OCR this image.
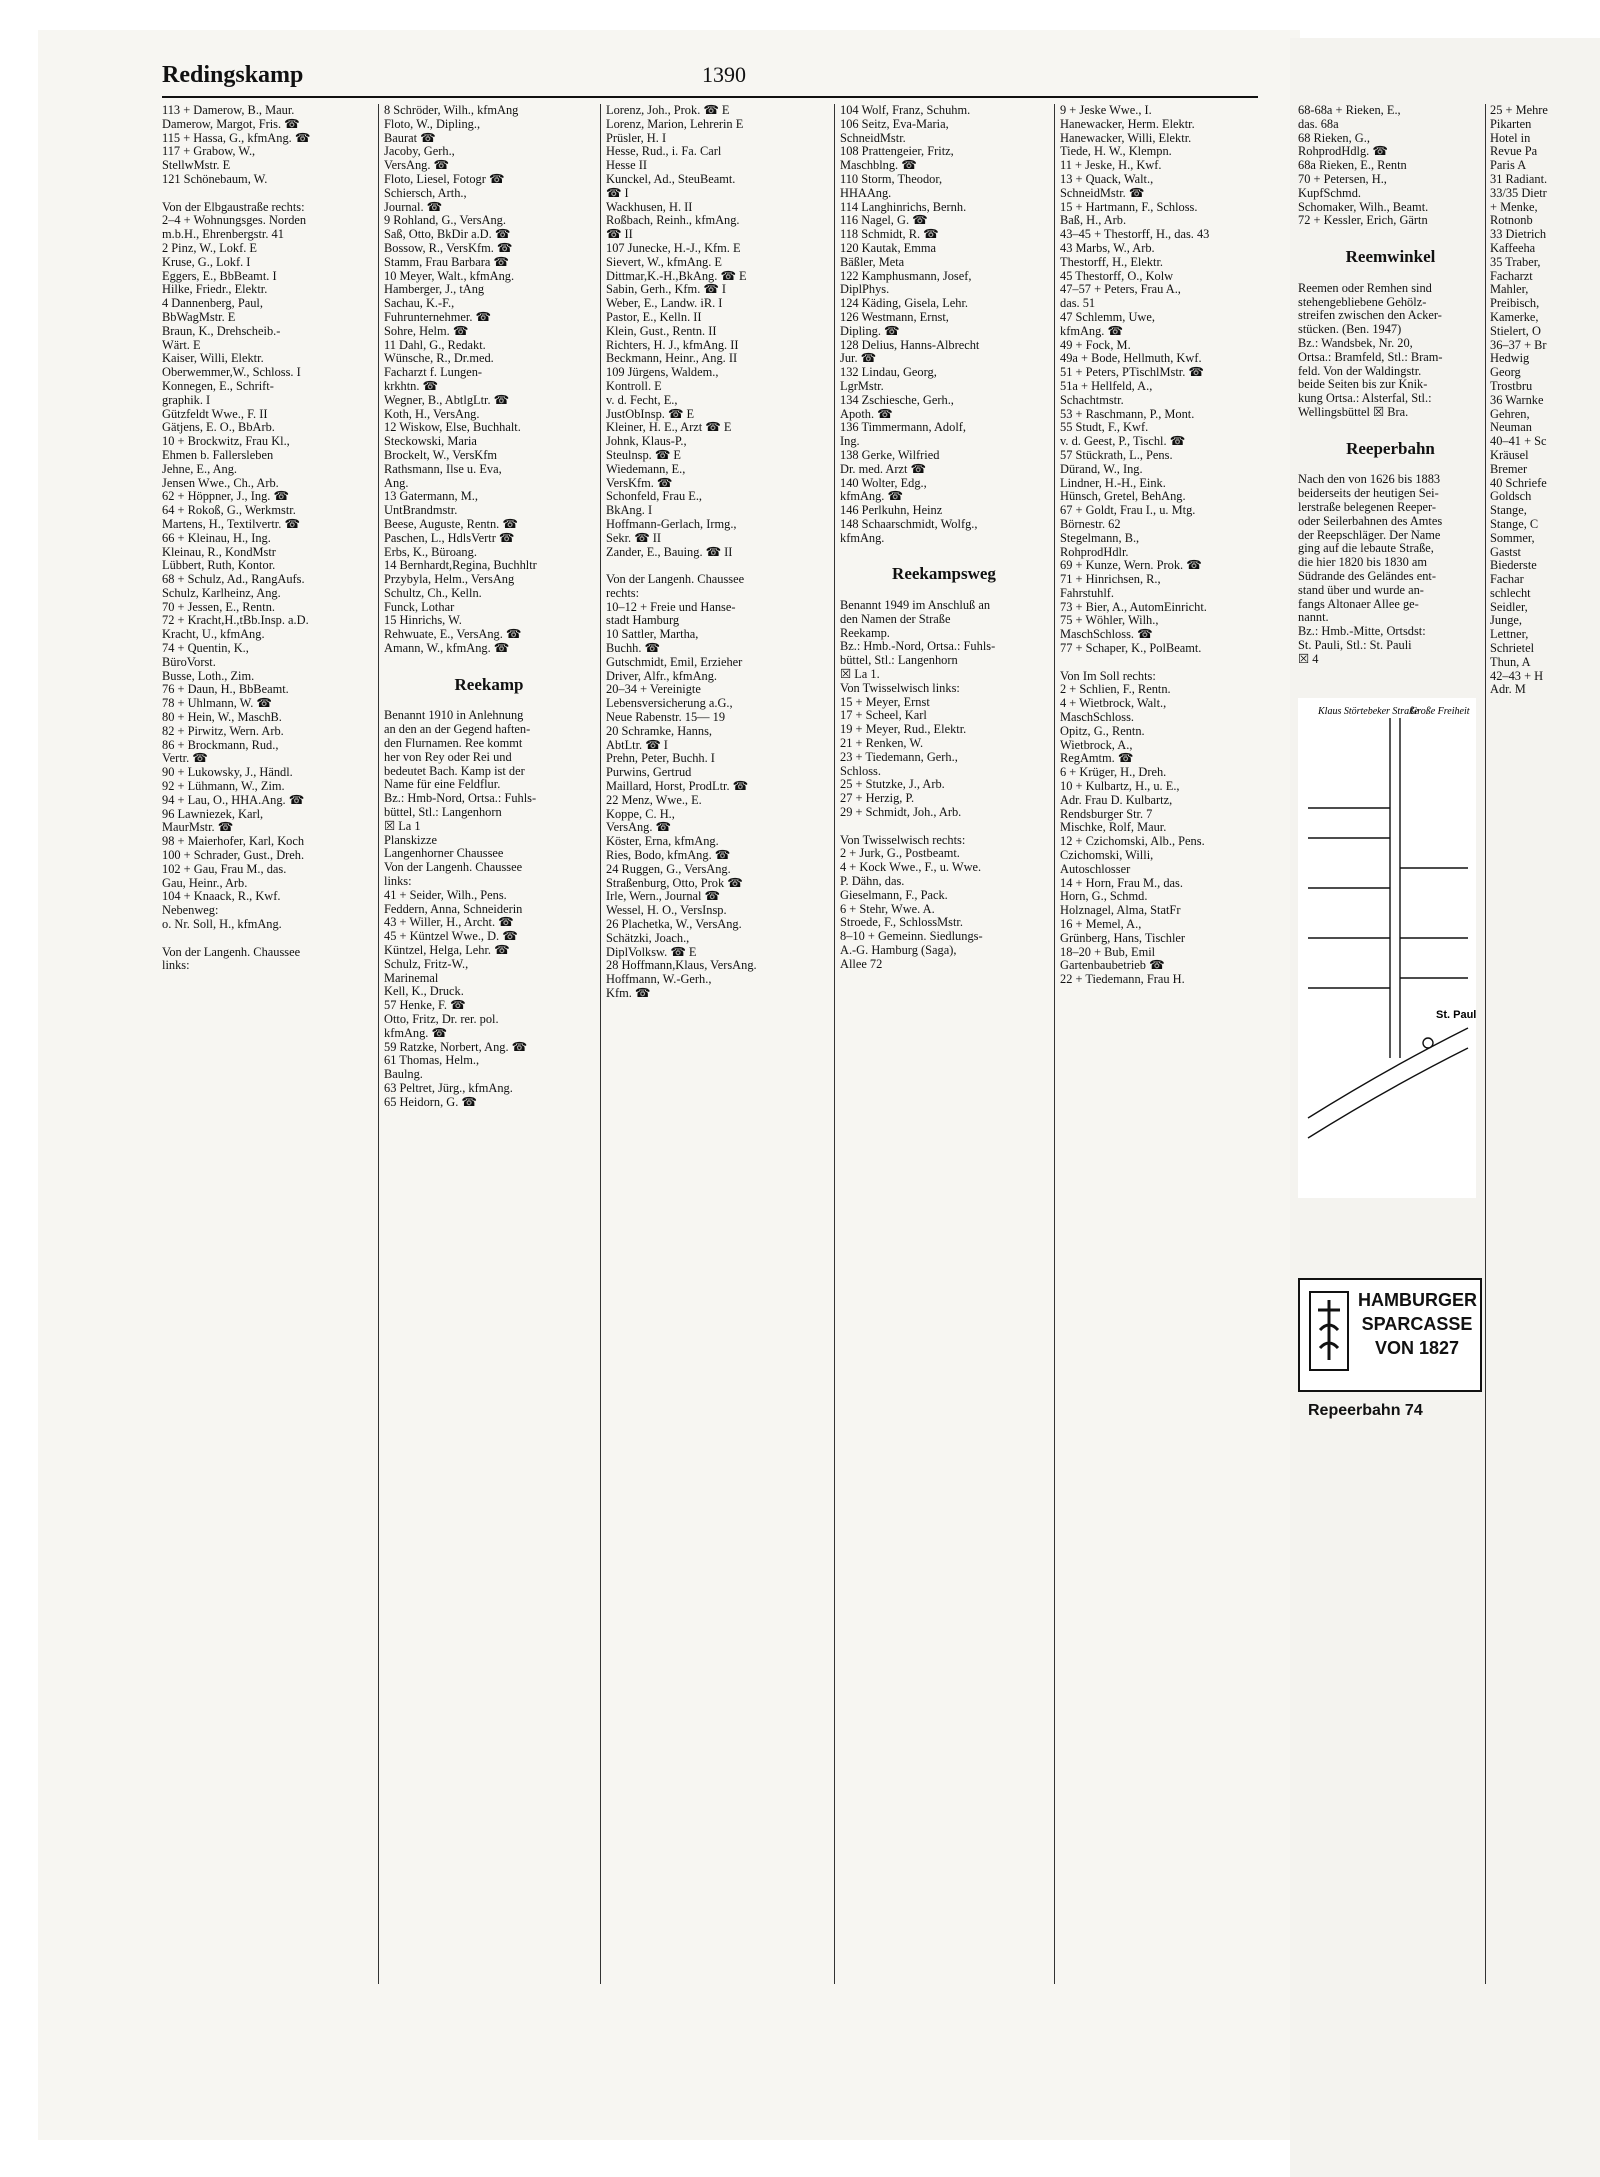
Redingskamp	1390
113 + Damerow, B., Maur.
Damerow, Margot, Fris. ☎
115 + Hassa, G., kfmAng. ☎
117 + Grabow, W.,
StellwMstr. E
121 Schönebaum, W.
Von der Elbgaustraße rechts:
2–4 + Wohnungsges. Norden
m.b.H., Ehrenbergstr. 41
2 Pinz, W., Lokf. E
Kruse, G., Lokf. I
Eggers, E., BbBeamt. I
Hilke, Friedr., Elektr.
4 Dannenberg, Paul,
BbWagMstr. E
Braun, K., Drehscheib.-
Wärt. E
Kaiser, Willi, Elektr.
Oberwemmer,W., Schloss. I
Konnegen, E., Schrift-
graphik. I
Gützfeldt Wwe., F. II
Gätjens, E. O., BbArb.
10 + Brockwitz, Frau Kl.,
Ehmen b. Fallersleben
Jehne, E., Ang.
Jensen Wwe., Ch., Arb.
62 + Höppner, J., Ing. ☎
64 + Rokoß, G., Werkmstr.
Martens, H., Textilvertr. ☎
66 + Kleinau, H., Ing.
Kleinau, R., KondMstr
Lübbert, Ruth, Kontor.
68 + Schulz, Ad., RangAufs.
Schulz, Karlheinz, Ang.
70 + Jessen, E., Rentn.
72 + Kracht,H.,tBb.Insp. a.D.
Kracht, U., kfmAng.
74 + Quentin, K.,
BüroVorst.
Busse, Loth., Zim.
76 + Daun, H., BbBeamt.
78 + Uhlmann, W. ☎
80 + Hein, W., MaschB.
82 + Pirwitz, Wern. Arb.
86 + Brockmann, Rud.,
Vertr. ☎
90 + Lukowsky, J., Händl.
92 + Lühmann, W., Zim.
94 + Lau, O., HHA.Ang. ☎
96 Lawniezek, Karl,
MaurMstr. ☎
98 + Maierhofer, Karl, Koch
100 + Schrader, Gust., Dreh.
102 + Gau, Frau M., das.
Gau, Heinr., Arb.
104 + Knaack, R., Kwf.
Nebenweg:
o. Nr. Soll, H., kfmAng.
Von der Langenh. Chaussee
links:
8 Schröder, Wilh., kfmAng
Floto, W., Dipling.,
Baurat ☎
Jacoby, Gerh.,
VersAng. ☎
Floto, Liesel, Fotogr ☎
Schiersch, Arth.,
Journal. ☎
9 Rohland, G., VersAng.
Saß, Otto, BkDir a.D. ☎
Bossow, R., VersKfm. ☎
Stamm, Frau Barbara ☎
10 Meyer, Walt., kfmAng.
Hamberger, J., tAng
Sachau, K.-F.,
Fuhrunternehmer. ☎
Sohre, Helm. ☎
11 Dahl, G., Redakt.
Wünsche, R., Dr.med.
Facharzt f. Lungen-
krkhtn. ☎
Wegner, B., AbtlgLtr. ☎
Koth, H., VersAng.
12 Wiskow, Else, Buchhalt.
Steckowski, Maria
Brockelt, W., VersKfm
Rathsmann, Ilse u. Eva,
Ang.
13 Gatermann, M.,
UntBrandmstr.
Beese, Auguste, Rentn. ☎
Paschen, L., HdlsVertr ☎
Erbs, K., Büroang.
14 Bernhardt,Regina, Buchhltr
Przybyla, Helm., VersAng
Schultz, Ch., Kelln.
Funck, Lothar
15 Hinrichs, W.
Rehwuate, E., VersAng. ☎
Amann, W., kfmAng. ☎
Reekamp
Benannt 1910 in Anlehnung
an den an der Gegend haften-
den Flurnamen. Ree kommt
her von Rey oder Rei und
bedeutet Bach. Kamp ist der
Name für eine Feldflur.
Bz.: Hmb-Nord, Ortsa.: Fuhls-
büttel, Stl.: Langenhorn
☒ La 1
Planskizze
Langenhorner Chaussee
Von der Langenh. Chaussee
links:
41 + Seider, Wilh., Pens.
Feddern, Anna, Schneiderin
43 + Willer, H., Archt. ☎
45 + Küntzel Wwe., D. ☎
Küntzel, Helga, Lehr. ☎
Schulz, Fritz-W.,
Marinemal
Kell, K., Druck.
57 Henke, F. ☎
Otto, Fritz, Dr. rer. pol.
kfmAng. ☎
59 Ratzke, Norbert, Ang. ☎
61 Thomas, Helm.,
Baulng.
63 Peltret, Jürg., kfmAng.
65 Heidorn, G. ☎
Lorenz, Joh., Prok. ☎ E
Lorenz, Marion, Lehrerin E
Prüsler, H. I
Hesse, Rud., i. Fa. Carl
Hesse II
Kunckel, Ad., SteuBeamt.
☎ I
Wackhusen, H. II
Roßbach, Reinh., kfmAng.
☎ II
107 Junecke, H.-J., Kfm. E
Sievert, W., kfmAng. E
Dittmar,K.-H.,BkAng. ☎ E
Sabin, Gerh., Kfm. ☎ I
Weber, E., Landw. iR. I
Pastor, E., Kelln. II
Klein, Gust., Rentn. II
Richters, H. J., kfmAng. II
Beckmann, Heinr., Ang. II
109 Jürgens, Waldem.,
Kontroll. E
v. d. Fecht, E.,
JustObInsp. ☎ E
Kleiner, H. E., Arzt ☎ E
Johnk, Klaus-P.,
Steulnsp. ☎ E
Wiedemann, E.,
VersKfm. ☎
Schonfeld, Frau E.,
BkAng. I
Hoffmann-Gerlach, Irmg.,
Sekr. ☎ II
Zander, E., Bauing. ☎ II
Von der Langenh. Chaussee
rechts:
10–12 + Freie und Hanse-
stadt Hamburg
10 Sattler, Martha,
Buchh. ☎
Gutschmidt, Emil, Erzieher
Driver, Alfr., kfmAng.
20–34 + Vereinigte
Lebensversicherung a.G.,
Neue Rabenstr. 15— 19
20 Schramke, Hanns,
AbtLtr. ☎ I
Prehn, Peter, Buchh. I
Purwins, Gertrud
Maillard, Horst, ProdLtr. ☎
22 Menz, Wwe., E.
Koppe, C. H.,
VersAng. ☎
Köster, Erna, kfmAng.
Ries, Bodo, kfmAng. ☎
24 Ruggen, G., VersAng.
Straßenburg, Otto, Prok ☎
Irle, Wern., Journal ☎
Wessel, H. O., VersInsp.
26 Plachetka, W., VersAng.
Schätzki, Joach.,
DiplVolksw. ☎ E
28 Hoffmann,Klaus, VersAng.
Hoffmann, W.-Gerh.,
Kfm. ☎
104 Wolf, Franz, Schuhm.
106 Seitz, Eva-Maria,
SchneidMstr.
108 Prattengeier, Fritz,
Maschblng. ☎
110 Storm, Theodor,
HHAAng.
114 Langhinrichs, Bernh.
116 Nagel, G. ☎
118 Schmidt, R. ☎
120 Kautak, Emma
Bäßler, Meta
122 Kamphusmann, Josef,
DiplPhys.
124 Käding, Gisela, Lehr.
126 Westmann, Ernst,
Dipling. ☎
128 Delius, Hanns-Albrecht
Jur. ☎
132 Lindau, Georg,
LgrMstr.
134 Zschiesche, Gerh.,
Apoth. ☎
136 Timmermann, Adolf,
Ing.
138 Gerke, Wilfried
Dr. med. Arzt ☎
140 Wolter, Edg.,
kfmAng. ☎
146 Perlkuhn, Heinz
148 Schaarschmidt, Wolfg.,
kfmAng.
Reekampsweg
Benannt 1949 im Anschluß an
den Namen der Straße
Reekamp.
Bz.: Hmb.-Nord, Ortsa.: Fuhls-
büttel, Stl.: Langenhorn
☒ La 1.
Von Twisselwisch links:
15 + Meyer, Ernst
17 + Scheel, Karl
19 + Meyer, Rud., Elektr.
21 + Renken, W.
23 + Tiedemann, Gerh.,
Schloss.
25 + Stutzke, J., Arb.
27 + Herzig, P.
29 + Schmidt, Joh., Arb.
Von Twisselwisch rechts:
2 + Jurk, G., Postbeamt.
4 + Kock Wwe., F., u. Wwe.
P. Dähn, das.
Gieselmann, F., Pack.
6 + Stehr, Wwe. A.
Stroede, F., SchlossMstr.
8–10 + Gemeinn. Siedlungs-
A.-G. Hamburg (Saga),
Allee 72
9 + Jeske Wwe., I.
Hanewacker, Herm. Elektr.
Hanewacker, Willi, Elektr.
Tiede, H. W., Klempn.
11 + Jeske, H., Kwf.
13 + Quack, Walt.,
SchneidMstr. ☎
15 + Hartmann, F., Schloss.
Baß, H., Arb.
43–45 + Thestorff, H., das. 43
43 Marbs, W., Arb.
Thestorff, H., Elektr.
45 Thestorff, O., Kolw
47–57 + Peters, Frau A.,
das. 51
47 Schlemm, Uwe,
kfmAng. ☎
49 + Fock, M.
49a + Bode, Hellmuth, Kwf.
51 + Peters, PTischlMstr. ☎
51a + Hellfeld, A.,
Schachtmstr.
53 + Raschmann, P., Mont.
55 Studt, F., Kwf.
v. d. Geest, P., Tischl. ☎
57 Stückrath, L., Pens.
Dürand, W., Ing.
Lindner, H.-H., Eink.
Hünsch, Gretel, BehAng.
67 + Goldt, Frau I., u. Mtg.
Börnestr. 62
Stegelmann, B.,
RohprodHdlr.
69 + Kunze, Wern. Prok. ☎
71 + Hinrichsen, R.,
Fahrstuhlf.
73 + Bier, A., AutomEinricht.
75 + Wöhler, Wilh.,
MaschSchloss. ☎
77 + Schaper, K., PolBeamt.
Von Im Soll rechts:
2 + Schlien, F., Rentn.
4 + Wietbrock, Walt.,
MaschSchloss.
Opitz, G., Rentn.
Wietbrock, A.,
RegAmtm. ☎
6 + Krüger, H., Dreh.
10 + Kulbartz, H., u. E.,
Adr. Frau D. Kulbartz,
Rendsburger Str. 7
Mischke, Rolf, Maur.
12 + Czichomski, Alb., Pens.
Czichomski, Willi,
Autoschlosser
14 + Horn, Frau M., das.
Horn, G., Schmd.
Holznagel, Alma, StatFr
16 + Memel, A.,
Grünberg, Hans, Tischler
18–20 + Bub, Emil
Gartenbaubetrieb ☎
22 + Tiedemann, Frau H.
68-68a + Rieken, E.,
das. 68a
68 Rieken, G.,
RohprodHdlg. ☎
68a Rieken, E., Rentn
70 + Petersen, H.,
KupfSchmd.
Schomaker, Wilh., Beamt.
72 + Kessler, Erich, Gärtn
Reemwinkel
Reemen oder Remhen sind
stehengebliebene Gehölz-
streifen zwischen den Acker-
stücken. (Ben. 1947)
Bz.: Wandsbek, Nr. 20,
Ortsa.: Bramfeld, Stl.: Bram-
feld. Von der Waldingstr.
beide Seiten bis zur Knik-
kung Ortsa.: Alsterfal, Stl.:
Wellingsbüttel ☒ Bra.
Reeperbahn
Nach den von 1626 bis 1883
beiderseits der heutigen Sei-
lerstraße belegenen Reeper-
oder Seilerbahnen des Amtes
der Reepschläger. Der Name
ging auf die lebaute Straße,
die hier 1820 bis 1830 am
Südrande des Geländes ent-
stand über und wurde an-
fangs Altonaer Allee ge-
nannt.
Bz.: Hmb.-Mitte, Ortsdst:
St. Pauli, Stl.: St. Pauli
☒ 4
25 + Mehre
Pikarten
Hotel in
Revue Pa
Paris A
31 Radiant.
33/35 Dietr
+ Menke,
Rotnonb
33 Dietrich
Kaffeeha
35 Traber,
Facharzt
Mahler,
Preibisch,
Kamerke,
Stielert, O
36–37 + Br
Hedwig
Georg
Trostbru
36 Warnke
Gehren,
Neuman
40–41 + Sc
Kräusel
Bremer
40 Schriefe
Goldsch
Stange,
Stange, C
Sommer,
Gastst
Biederste
Fachar
schlecht
Seidler,
Junge,
Lettner,
Schrietel
Thun, A
42–43 + H
Adr. M
Klaus Störtebeker Straße
Große Freiheit
St. Pauli
HAMBURGER
SPARCASSE
VON 1827
Repeerbahn 74
